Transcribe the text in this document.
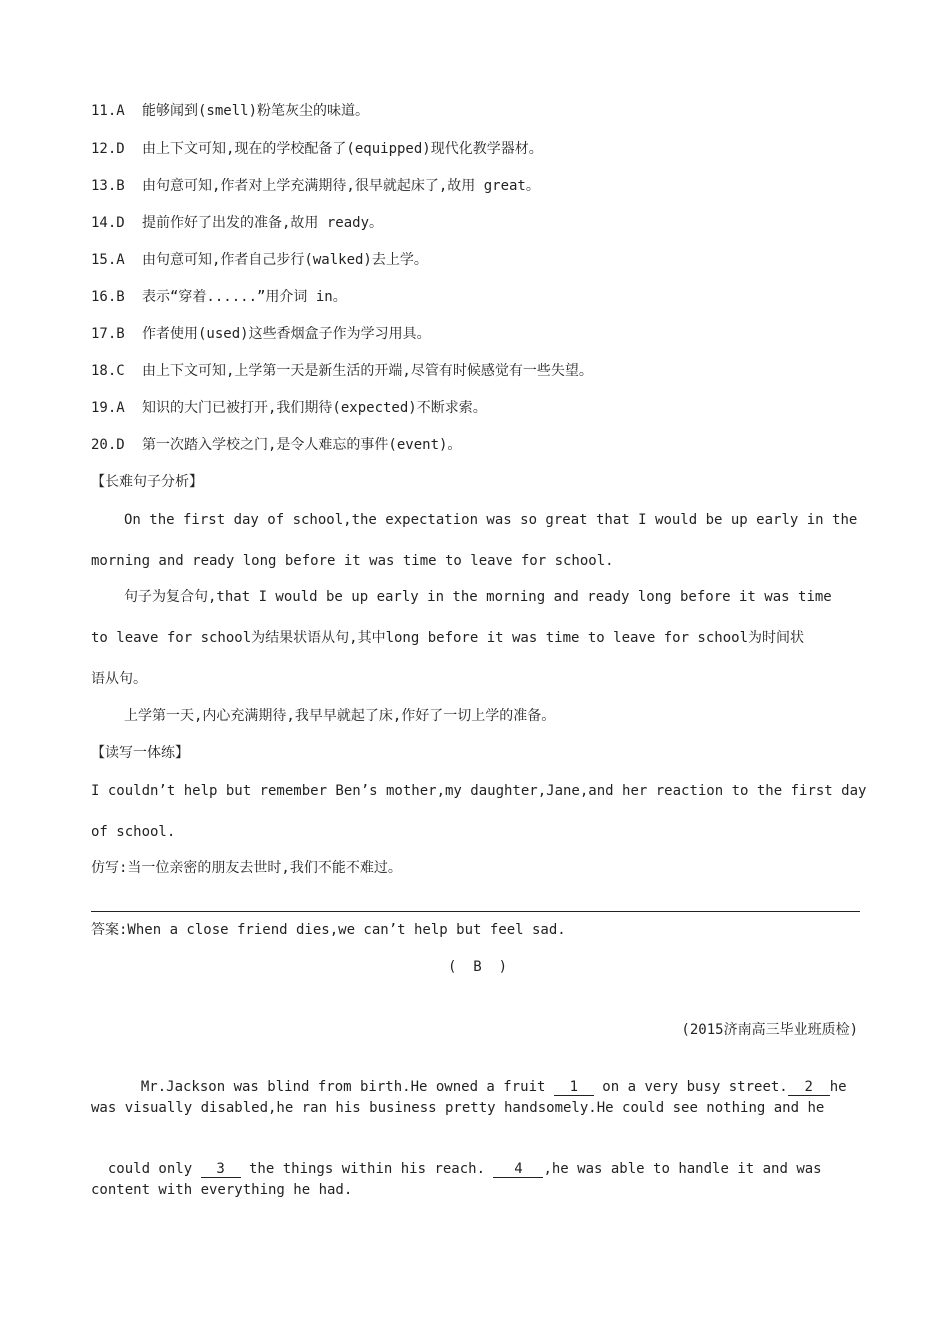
11.A	能够闻到(smell)粉笔灰尘的味道。
12.D	由上下文可知,现在的学校配备了(equipped)现代化教学器材。
13.B	由句意可知,作者对上学充满期待,很早就起床了,故用 great。
14.D	提前作好了出发的准备,故用 ready。
15.A	由句意可知,作者自己步行(walked)去上学。
16.B	表示“穿着......”用介词 in。
17.B	作者使用(used)这些香烟盒子作为学习用具。
18.C	由上下文可知,上学第一天是新生活的开端,尽管有时候感觉有一些失望。
19.A	知识的大门已被打开,我们期待(expected)不断求索。
20.D	第一次踏入学校之门,是令人难忘的事件(event)。
【长难句子分析】
On the first day of school,the expectation was so great that I would be up early in the
morning and ready long before it was time to leave for school.
句子为复合句,that I would be up early in the morning and ready long before it was time
to leave for school为结果状语从句,其中long before it was time to leave for school为时间状
语从句。
上学第一天,内心充满期待,我早早就起了床,作好了一切上学的准备。
【读写一体练】
I couldn’t help but remember Ben’s mother,my daughter,Jane,and her reaction to the first day
of school.
仿写:当一位亲密的朋友去世时,我们不能不难过。
答案:When a close friend dies,we can’t help but feel sad.
(  B  )
(2015济南高三毕业班质检)

Mr.Jackson was blind from birth.He owned a fruit 1 on a very busy street. 2 he

was visually disabled,he ran his business pretty handsomely.He could see nothing and he

could only 3 the things within his reach. 4 ,he was able to handle it and was

content with everything he had.
